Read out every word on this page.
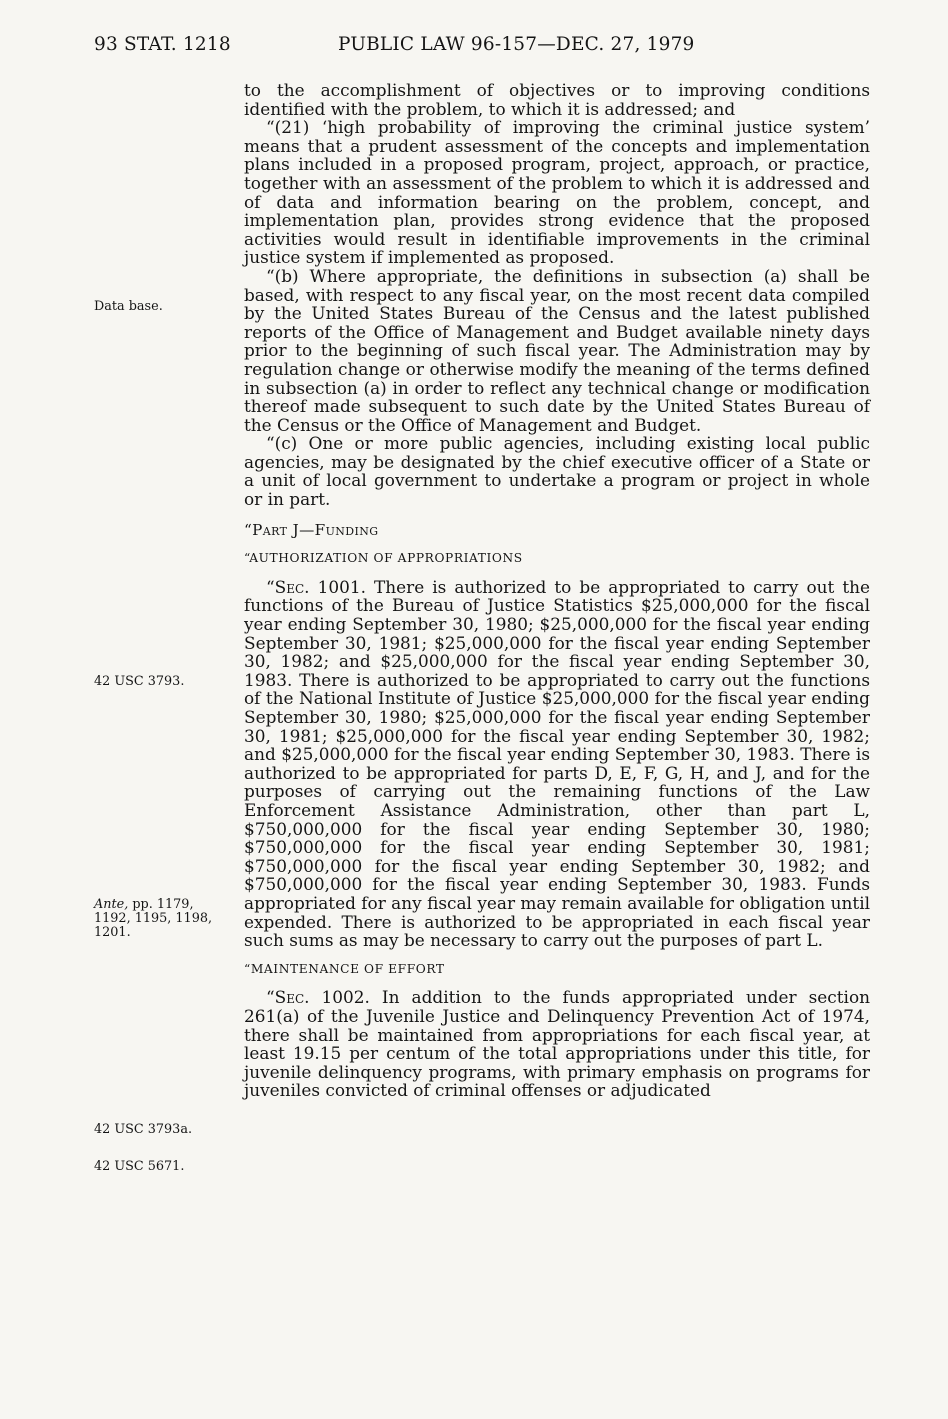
93 STAT. 1218	PUBLIC LAW 96-157—DEC. 27, 1979
Data base.
42 USC 3793.
Ante, pp. 1179, 1192, 1195, 1198, 1201.
42 USC 3793a.
42 USC 5671.

to the accomplishment of objectives or to improving conditions identified with the problem, to which it is addressed; and

“(21) ‘high probability of improving the criminal justice system’ means that a prudent assessment of the concepts and implementation plans included in a proposed program, project, approach, or practice, together with an assessment of the problem to which it is addressed and of data and information bearing on the problem, concept, and implementation plan, provides strong evidence that the proposed activities would result in identifiable improvements in the criminal justice system if implemented as proposed.

“(b) Where appropriate, the definitions in subsection (a) shall be based, with respect to any fiscal year, on the most recent data compiled by the United States Bureau of the Census and the latest published reports of the Office of Management and Budget available ninety days prior to the beginning of such fiscal year. The Administration may by regulation change or otherwise modify the meaning of the terms defined in subsection (a) in order to reflect any technical change or modification thereof made subsequent to such date by the United States Bureau of the Census or the Office of Management and Budget.

“(c) One or more public agencies, including existing local public agencies, may be designated by the chief executive officer of a State or a unit of local government to undertake a program or project in whole or in part.

“Part J—Funding

“AUTHORIZATION OF APPROPRIATIONS

“Sec. 1001. There is authorized to be appropriated to carry out the functions of the Bureau of Justice Statistics $25,000,000 for the fiscal year ending September 30, 1980; $25,000,000 for the fiscal year ending September 30, 1981; $25,000,000 for the fiscal year ending September 30, 1982; and $25,000,000 for the fiscal year ending September 30, 1983. There is authorized to be appropriated to carry out the functions of the National Institute of Justice $25,000,000 for the fiscal year ending September 30, 1980; $25,000,000 for the fiscal year ending September 30, 1981; $25,000,000 for the fiscal year ending September 30, 1982; and $25,000,000 for the fiscal year ending September 30, 1983. There is authorized to be appropriated for parts D, E, F, G, H, and J, and for the purposes of carrying out the remaining functions of the Law Enforcement Assistance Administration, other than part L, $750,000,000 for the fiscal year ending September 30, 1980; $750,000,000 for the fiscal year ending September 30, 1981; $750,000,000 for the fiscal year ending September 30, 1982; and $750,000,000 for the fiscal year ending September 30, 1983. Funds appropriated for any fiscal year may remain available for obligation until expended. There is authorized to be appropriated in each fiscal year such sums as may be necessary to carry out the purposes of part L.

“MAINTENANCE OF EFFORT

“Sec. 1002. In addition to the funds appropriated under section 261(a) of the Juvenile Justice and Delinquency Prevention Act of 1974, there shall be maintained from appropriations for each fiscal year, at least 19.15 per centum of the total appropriations under this title, for juvenile delinquency programs, with primary emphasis on programs for juveniles convicted of criminal offenses or adjudicated
